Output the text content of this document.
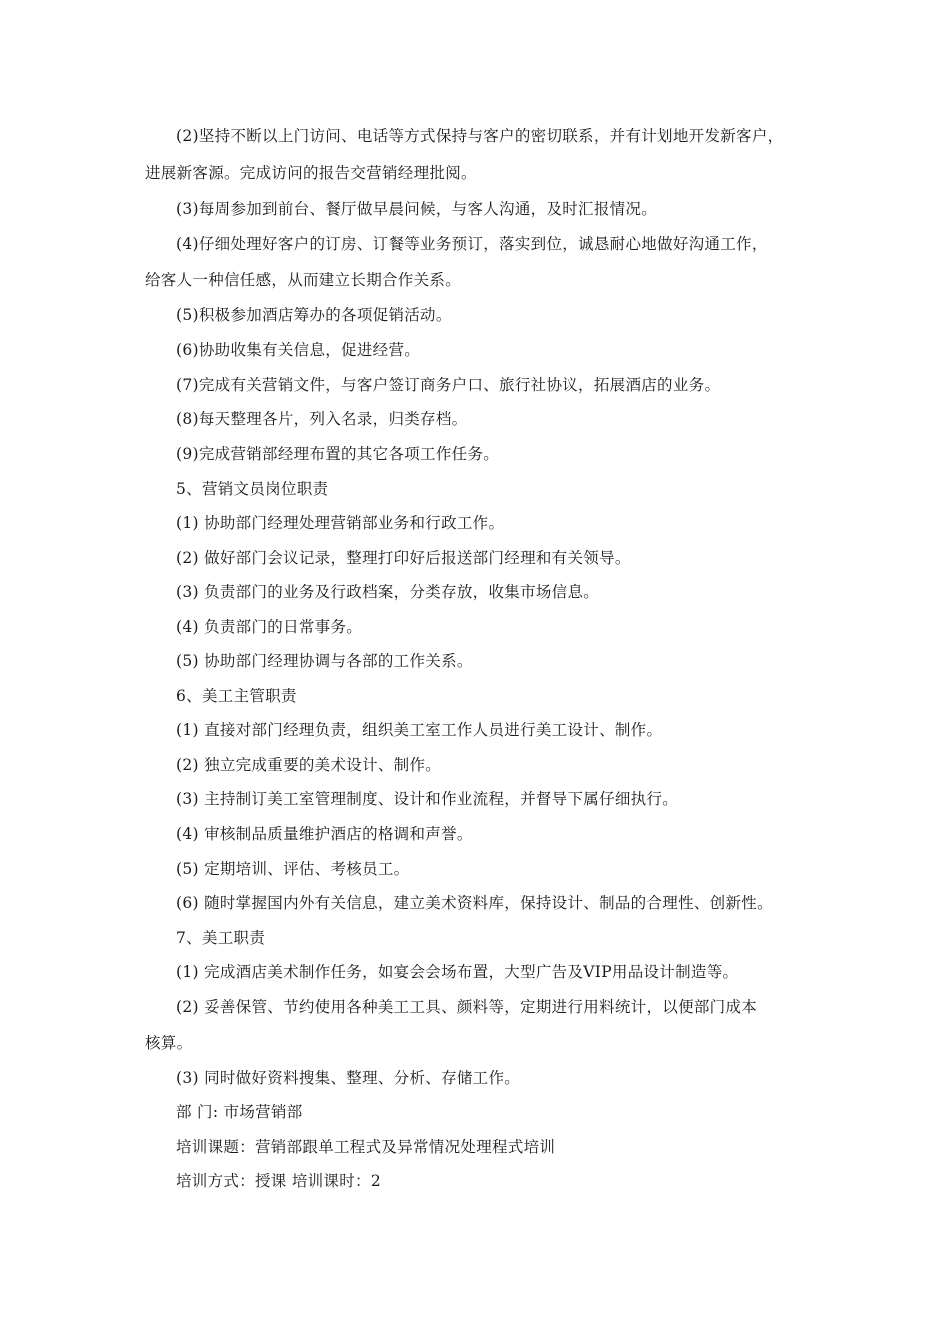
(2)坚持不断以上门访问、电话等方式保持与客户的密切联系，并有计划地开发新客户，
进展新客源。完成访问的报告交营销经理批阅。
(3)每周参加到前台、餐厅做早晨问候，与客人沟通，及时汇报情况。
(4)仔细处理好客户的订房、订餐等业务预订，落实到位，诚恳耐心地做好沟通工作，
给客人一种信任感，从而建立长期合作关系。
(5)积极参加酒店筹办的各项促销活动。
(6)协助收集有关信息，促进经营。
(7)完成有关营销文件，与客户签订商务户口、旅行社协议，拓展酒店的业务。
(8)每天整理各片，列入名录，归类存档。
(9)完成营销部经理布置的其它各项工作任务。
5、营销文员岗位职责
(1) 协助部门经理处理营销部业务和行政工作。
(2) 做好部门会议记录，整理打印好后报送部门经理和有关领导。
(3) 负责部门的业务及行政档案，分类存放，收集市场信息。
(4) 负责部门的日常事务。
(5) 协助部门经理协调与各部的工作关系。
6、美工主管职责
(1) 直接对部门经理负责，组织美工室工作人员进行美工设计、制作。
(2) 独立完成重要的美术设计、制作。
(3) 主持制订美工室管理制度、设计和作业流程，并督导下属仔细执行。
(4) 审核制品质量维护酒店的格调和声誉。
(5) 定期培训、评估、考核员工。
(6) 随时掌握国内外有关信息，建立美术资料库，保持设计、制品的合理性、创新性。
7、美工职责
(1) 完成酒店美术制作任务，如宴会会场布置，大型广告及VIP用品设计制造等。
(2) 妥善保管、节约使用各种美工工具、颜料等，定期进行用料统计，以便部门成本
核算。
(3) 同时做好资料搜集、整理、分析、存储工作。
部 门: 市场营销部
培训课题：营销部跟单工程式及异常情况处理程式培训
培训方式：授课 培训课时：2
